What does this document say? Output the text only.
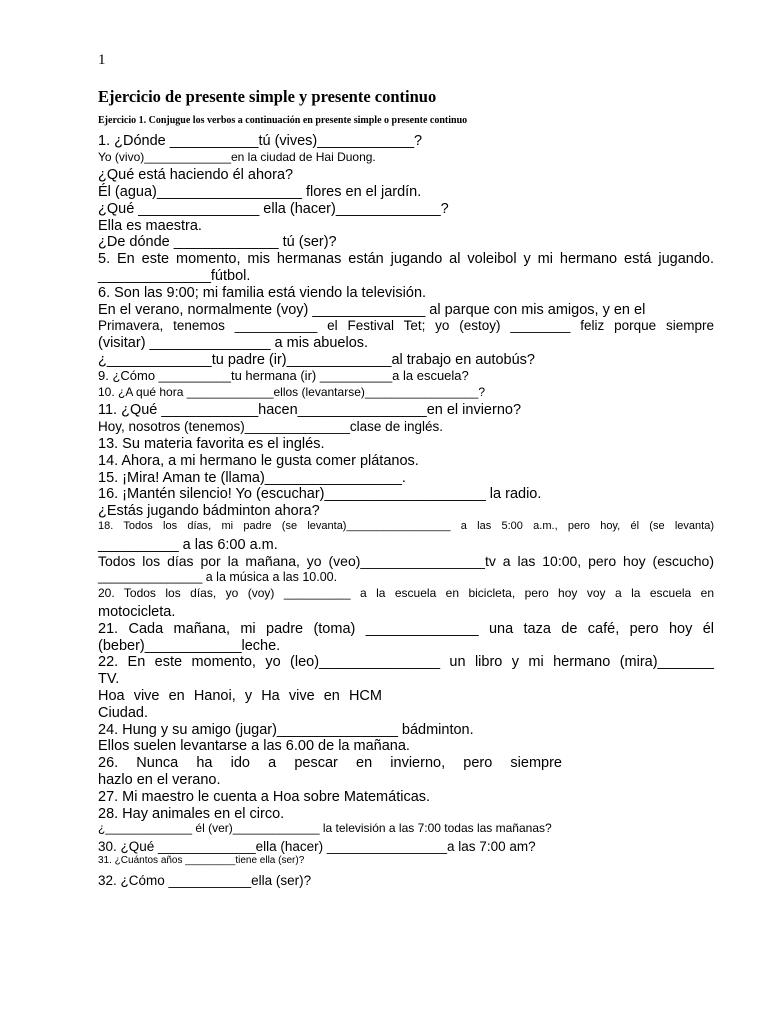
1
Ejercicio de presente simple y presente continuo

Ejercicio 1. Conjugue los verbos a continuación en presente simple o presente continuo

1. ¿Dónde ___________tú (vives)____________?
Yo (vivo)_____________en la ciudad de Hai Duong.
¿Qué está haciendo él ahora?
Él (agua)__________________ flores en el jardín.
¿Qué _______________ ella (hacer)_____________?
Ella es maestra.
¿De dónde _____________ tú (ser)?
5. En este momento, mis hermanas están jugando al voleibol y mi hermano está jugando.
______________fútbol.
6. Son las 9:00; mi familia está viendo la televisión.
En el verano, normalmente (voy) ______________ al parque con mis amigos, y en el
Primavera, tenemos ___________ el Festival Tet; yo (estoy) ________ feliz porque siempre
(visitar) _______________ a mis abuelos.
¿_____________tu padre (ir)_____________al trabajo en autobús?
9. ¿Cómo __________tu hermana (ir) __________a la escuela?
10. ¿A qué hora _____________ellos (levantarse)_________________?
11. ¿Qué ____________hacen________________en el invierno?
Hoy, nosotros (tenemos)______________clase de inglés.
13. Su materia favorita es el inglés.
14. Ahora, a mi hermano le gusta comer plátanos.
15. ¡Mira! Aman te (llama)_________________.
16. ¡Mantén silencio! Yo (escuchar)____________________ la radio.
¿Estás jugando bádminton ahora?
18. Todos los días, mi padre (se levanta)_________________ a las 5:00 a.m., pero hoy, él (se levanta)
__________ a las 6:00 a.m.
Todos los días por la mañana, yo (veo)________________tv a las 10:00, pero hoy (escucho)
_______________ a la música a las 10.00.
20. Todos los días, yo (voy) __________ a la escuela en bicicleta, pero hoy voy a la escuela en
motocicleta.
21. Cada mañana, mi padre (toma) ______________ una taza de café, pero hoy él
(beber)____________leche.
22. En este momento, yo (leo)_______________ un libro y mi hermano (mira)_______
TV.
Hoa vive en Hanoi, y Ha vive en HCM
Ciudad.
24. Hung y su amigo (jugar)_______________ bádminton.
Ellos suelen levantarse a las 6.00 de la mañana.
26. Nunca ha ido a pescar en invierno, pero siempre
hazlo en el verano.
27. Mi maestro le cuenta a Hoa sobre Matemáticas.
28. Hay animales en el circo.
¿_____________ él (ver)_____________ la televisión a las 7:00 todas las mañanas?
30. ¿Qué _____________ella (hacer) ________________a las 7:00 am?
31. ¿Cuántos años _________tiene ella (ser)?
32. ¿Cómo ___________ella (ser)?
